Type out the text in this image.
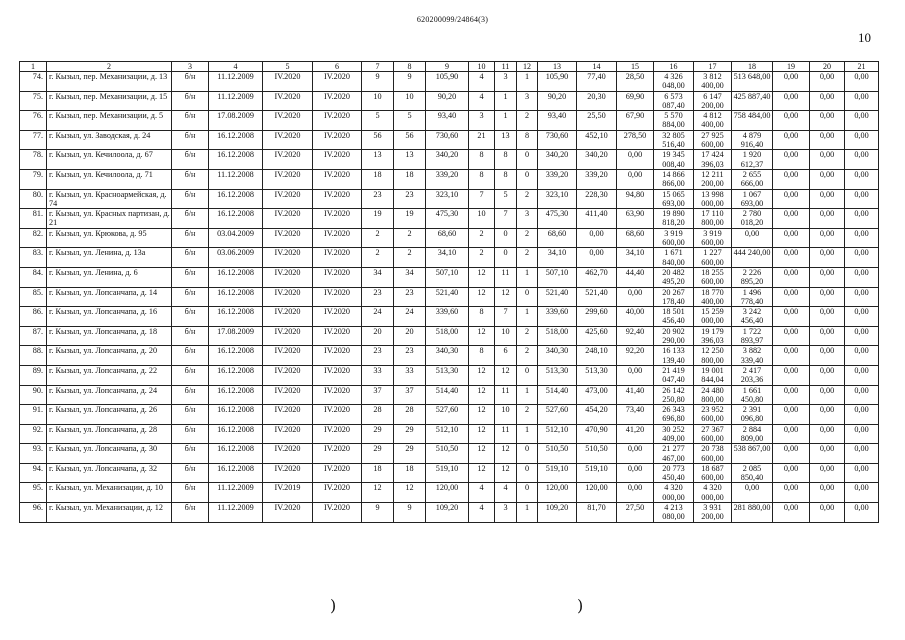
620200099/24864(3)
10
1	2	3	4	5	6	7	8	9	10	11	12	13	14	15	16	17	18	19	20	21
74.	г. Кызыл, пер. Механизации, д. 13	б/н	11.12.2009	IV.2020	IV.2020	9	9	105,90	4	3	1	105,90	77,40	28,50	4 326 048,00	3 812 400,00	513 648,00	0,00	0,00	0,00
75.	г. Кызыл, пер. Механизации, д. 15	б/н	11.12.2009	IV.2020	IV.2020	10	10	90,20	4	1	3	90,20	20,30	69,90	6 573 087,40	6 147 200,00	425 887,40	0,00	0,00	0,00
76.	г. Кызыл, пер. Механизации, д. 5	б/н	17.08.2009	IV.2020	IV.2020	5	5	93,40	3	1	2	93,40	25,50	67,90	5 570 884,00	4 812 400,00	758 484,00	0,00	0,00	0,00
77.	г. Кызыл, ул. Заводская, д. 24	б/н	16.12.2008	IV.2020	IV.2020	56	56	730,60	21	13	8	730,60	452,10	278,50	32 805 516,40	27 925 600,00	4 879 916,40	0,00	0,00	0,00
78.	г. Кызыл, ул. Кечилоола, д. 67	б/н	16.12.2008	IV.2020	IV.2020	13	13	340,20	8	8	0	340,20	340,20	0,00	19 345 008,40	17 424 396,03	1 920 612,37	0,00	0,00	0,00
79.	г. Кызыл, ул. Кечилоола, д. 71	б/н	11.12.2008	IV.2020	IV.2020	18	18	339,20	8	8	0	339,20	339,20	0,00	14 866 866,00	12 211 200,00	2 655 666,00	0,00	0,00	0,00
80.	г. Кызыл, ул. Красноармейская, д. 74	б/н	16.12.2008	IV.2020	IV.2020	23	23	323,10	7	5	2	323,10	228,30	94,80	15 065 693,00	13 998 000,00	1 067 693,00	0,00	0,00	0,00
81.	г. Кызыл, ул. Красных партизан, д. 21	б/н	16.12.2008	IV.2020	IV.2020	19	19	475,30	10	7	3	475,30	411,40	63,90	19 890 818,20	17 110 800,00	2 780 018,20	0,00	0,00	0,00
82.	г. Кызыл, ул. Крюкова, д. 95	б/н	03.04.2009	IV.2020	IV.2020	2	2	68,60	2	0	2	68,60	0,00	68,60	3 919 600,00	3 919 600,00	0,00	0,00	0,00	0,00
83.	г. Кызыл, ул. Ленина, д. 13а	б/н	03.06.2009	IV.2020	IV.2020	2	2	34,10	2	0	2	34,10	0,00	34,10	1 671 840,00	1 227 600,00	444 240,00	0,00	0,00	0,00
84.	г. Кызыл, ул. Ленина, д. 6	б/н	16.12.2008	IV.2020	IV.2020	34	34	507,10	12	11	1	507,10	462,70	44,40	20 482 495,20	18 255 600,00	2 226 895,20	0,00	0,00	0,00
85.	г. Кызыл, ул. Лопсанчапа, д. 14	б/н	16.12.2008	IV.2020	IV.2020	23	23	521,40	12	12	0	521,40	521,40	0,00	20 267 178,40	18 770 400,00	1 496 778,40	0,00	0,00	0,00
86.	г. Кызыл, ул. Лопсанчапа, д. 16	б/н	16.12.2008	IV.2020	IV.2020	24	24	339,60	8	7	1	339,60	299,60	40,00	18 501 456,40	15 259 000,00	3 242 456,40	0,00	0,00	0,00
87.	г. Кызыл, ул. Лопсанчапа, д. 18	б/н	17.08.2009	IV.2020	IV.2020	20	20	518,00	12	10	2	518,00	425,60	92,40	20 902 290,00	19 179 396,03	1 722 893,97	0,00	0,00	0,00
88.	г. Кызыл, ул. Лопсанчапа, д. 20	б/н	16.12.2008	IV.2020	IV.2020	23	23	340,30	8	6	2	340,30	248,10	92,20	16 133 139,40	12 250 800,00	3 882 339,40	0,00	0,00	0,00
89.	г. Кызыл, ул. Лопсанчапа, д. 22	б/н	16.12.2008	IV.2020	IV.2020	33	33	513,30	12	12	0	513,30	513,30	0,00	21 419 047,40	19 001 844,04	2 417 203,36	0,00	0,00	0,00
90.	г. Кызыл, ул. Лопсанчапа, д. 24	б/н	16.12.2008	IV.2020	IV.2020	37	37	514,40	12	11	1	514,40	473,00	41,40	26 142 250,80	24 480 800,00	1 661 450,80	0,00	0,00	0,00
91.	г. Кызыл, ул. Лопсанчапа, д. 26	б/н	16.12.2008	IV.2020	IV.2020	28	28	527,60	12	10	2	527,60	454,20	73,40	26 343 696,80	23 952 600,00	2 391 096,80	0,00	0,00	0,00
92.	г. Кызыл, ул. Лопсанчапа, д. 28	б/н	16.12.2008	IV.2020	IV.2020	29	29	512,10	12	11	1	512,10	470,90	41,20	30 252 409,00	27 367 600,00	2 884 809,00	0,00	0,00	0,00
93.	г. Кызыл, ул. Лопсанчапа, д. 30	б/н	16.12.2008	IV.2020	IV.2020	29	29	510,50	12	12	0	510,50	510,50	0,00	21 277 467,00	20 738 600,00	538 867,00	0,00	0,00	0,00
94.	г. Кызыл, ул. Лопсанчапа, д. 32	б/н	16.12.2008	IV.2020	IV.2020	18	18	519,10	12	12	0	519,10	519,10	0,00	20 773 450,40	18 687 600,00	2 085 850,40	0,00	0,00	0,00
95.	г. Кызыл, ул. Механизации, д. 10	б/н	11.12.2009	IV.2019	IV.2020	12	12	120,00	4	4	0	120,00	120,00	0,00	4 320 000,00	4 320 000,00	0,00	0,00	0,00	0,00
96.	г. Кызыл, ул. Механизации, д. 12	б/н	11.12.2009	IV.2020	IV.2020	9	9	109,20	4	3	1	109,20	81,70	27,50	4 213 080,00	3 931 200,00	281 880,00	0,00	0,00	0,00
)	)
